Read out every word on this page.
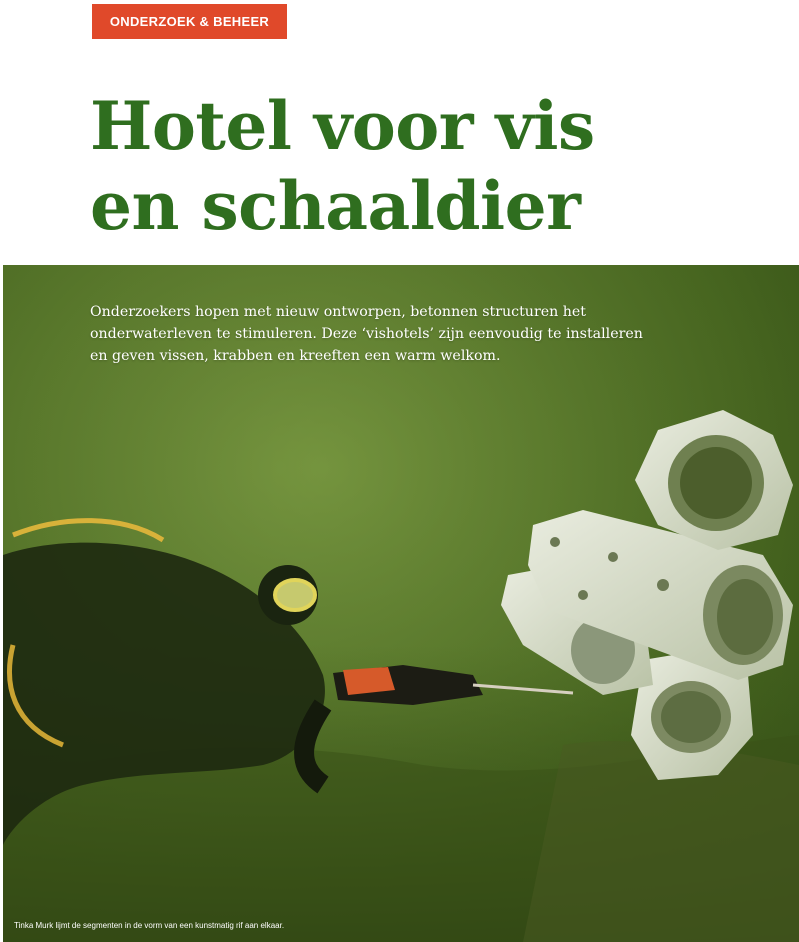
ONDERZOEK & BEHEER
Hotel voor vis
en schaaldier

Onderzoekers hopen met nieuw ontworpen, betonnen structuren het onderwaterleven te stimuleren. Deze ‘vishotels’ zijn eenvoudig te installeren en geven vissen, krabben en kreeften een warm welkom.

Tinka Murk lijmt de segmenten in de vorm van een kunstmatig rif aan elkaar.
